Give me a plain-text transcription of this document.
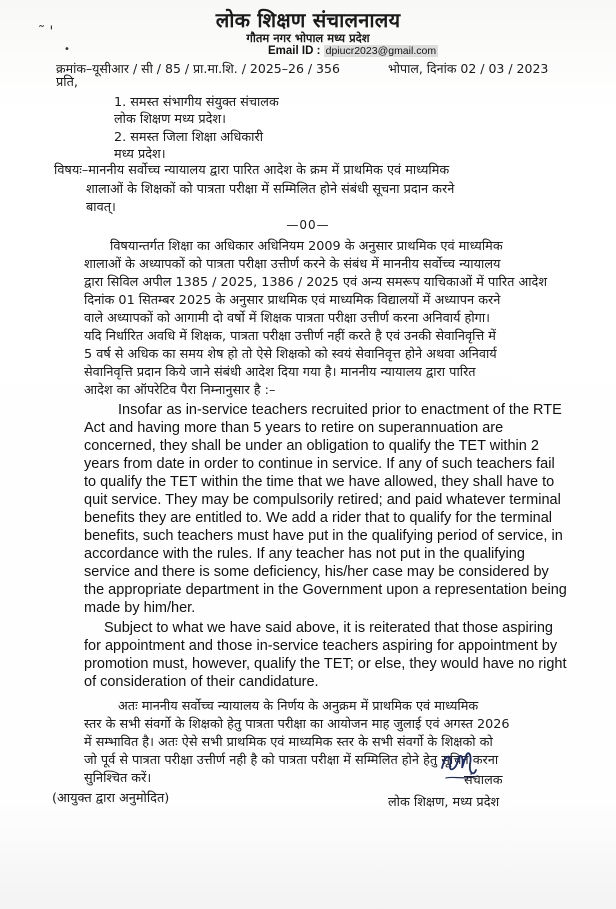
˜ '
•
लोक शिक्षण संचालनालय
गौतम नगर भोपाल मध्य प्रदेश
Email ID : dpiucr2023@gmail.com
क्रमांक–यूसीआर / सी / 85 / प्रा.मा.शि. / 2025–26 / 356	भोपाल, दिनांक 02 / 03 / 2023
प्रति,
1. समस्त संभागीय संयुक्त संचालक
लोक शिक्षण मध्य प्रदेश।
2. समस्त जिला शिक्षा अधिकारी
मध्य प्रदेश।
विषयः–माननीय सर्वोच्च न्यायालय द्वारा पारित आदेश के क्रम में प्राथमिक एवं माध्यमिक
शालाओं के शिक्षकों को पात्रता परीक्षा में सम्मिलित होने संबंधी सूचना प्रदान करने
बावत्।
—00—
विषयान्तर्गत शिक्षा का अधिकार अधिनियम 2009 के अनुसार प्राथमिक एवं माध्यमिक
शालाओं के अध्यापकों को पात्रता परीक्षा उत्तीर्ण करने के संबंध में माननीय सर्वोच्च न्यायालय
द्वारा सिविल अपील 1385 / 2025, 1386 / 2025 एवं अन्य समरूप याचिकाओं में पारित आदेश
दिनांक 01 सितम्बर 2025 के अनुसार प्राथमिक एवं माध्यमिक विद्यालयों में अध्यापन करने
वाले अध्यापकों को आगामी दो वर्षो में शिक्षक पात्रता परीक्षा उत्तीर्ण करना अनिवार्य होगा।
यदि निर्धारित अवधि में शिक्षक, पात्रता परीक्षा उत्तीर्ण नहीं करते है एवं उनकी सेवानिवृत्ति में
5 वर्ष से अधिक का समय शेष हो तो ऐसे शिक्षको को स्वयं सेवानिवृत्त होने अथवा अनिवार्य
सेवानिवृत्ति प्रदान किये जाने संबंधी आदेश दिया गया है। माननीय न्यायालय द्वारा पारित
आदेश का ऑपरेटिव पैरा निम्नानुसार है :–
Insofar as in-service teachers recruited prior to enactment of the RTE
Act and having more than 5 years to retire on superannuation are
concerned, they shall be under an obligation to qualify the TET within 2
years from date in order to continue in service. If any of such teachers fail
to qualify the TET within the time that we have allowed, they shall have to
quit service. They may be compulsorily retired; and paid whatever terminal
benefits they are entitled to. We add a rider that to qualify for the terminal
benefits, such teachers must have put in the qualifying period of service, in
accordance with the rules. If any teacher has not put in the qualifying
service and there is some deficiency, his/her case may be considered by
the appropriate department in the Government upon a representation being
made by him/her.
Subject to what we have said above, it is reiterated that those aspiring
for appointment and those in-service teachers aspiring for appointment by
promotion must, however, qualify the TET; or else, they would have no right
of consideration of their candidature.
अतः माननीय सर्वोच्च न्यायालय के निर्णय के अनुक्रम में प्राथमिक एवं माध्यमिक
स्तर के सभी संवर्गो के शिक्षको हेतु पात्रता परीक्षा का आयोजन माह जुलाई एवं अगस्त 2026
में सम्भावित है। अतः ऐसे सभी प्राथमिक एवं माध्यमिक स्तर के सभी संवर्गो के शिक्षको को
जो पूर्व से पात्रता परीक्षा उत्तीर्ण नही है को पात्रता परीक्षा में सम्मिलित होने हेतु सूचित करना
सुनिश्चित करें।
(आयुक्त द्वारा अनुमोदित)
संचालक
लोक शिक्षण, मध्य प्रदेश
